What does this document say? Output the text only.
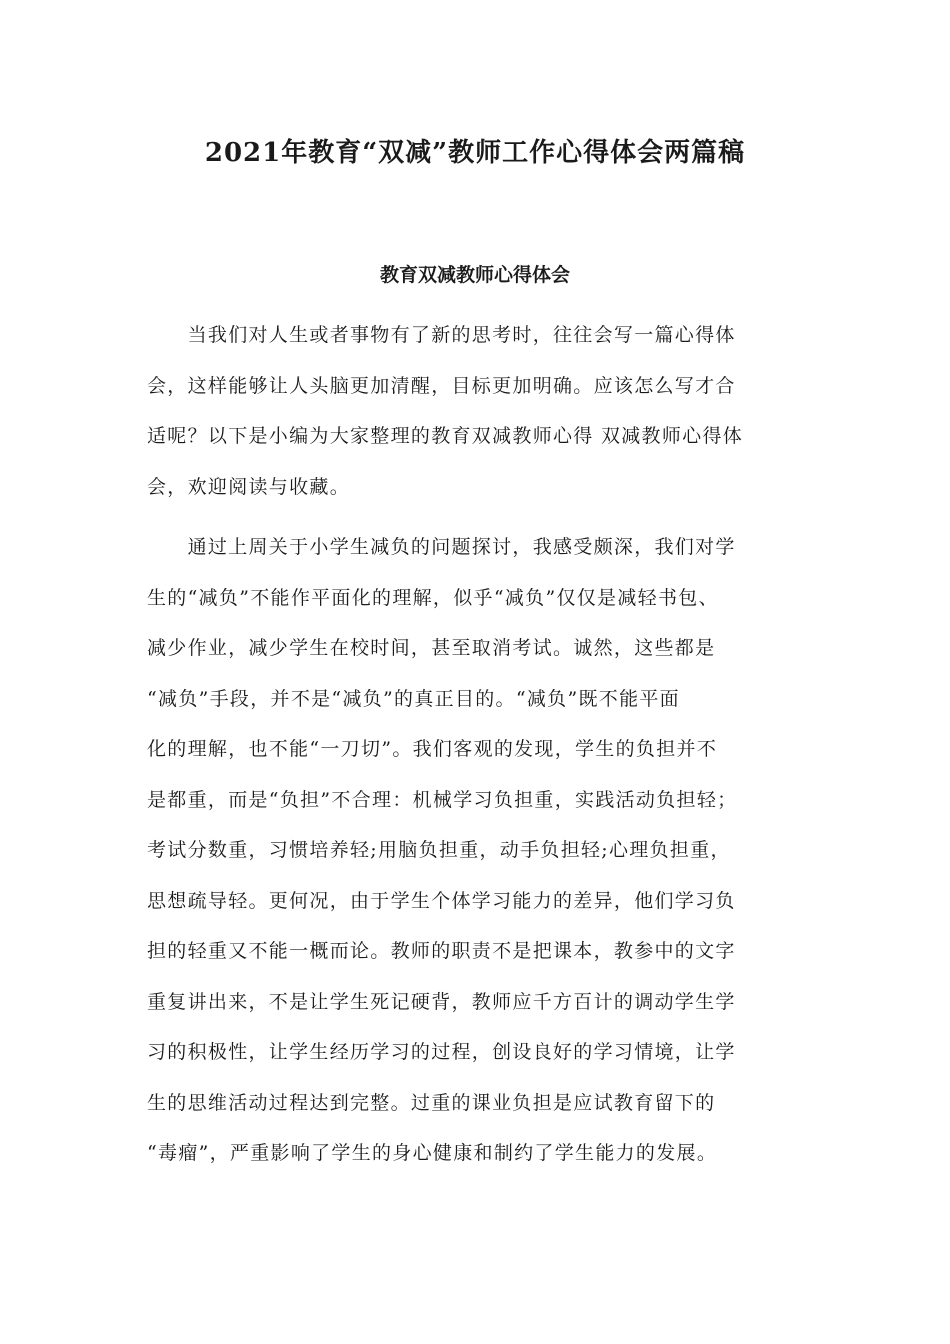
2021年教育“双减”教师工作心得体会两篇稿
教育双减教师心得体会

　　当我们对人生或者事物有了新的思考时，往往会写一篇心得体
会，这样能够让人头脑更加清醒，目标更加明确。应该怎么写才合
适呢？以下是小编为大家整理的教育双减教师心得 双减教师心得体
会，欢迎阅读与收藏。

　　通过上周关于小学生减负的问题探讨，我感受颇深，我们对学
生的“减负”不能作平面化的理解，似乎“减负”仅仅是减轻书包、
减少作业，减少学生在校时间，甚至取消考试。诚然，这些都是
“减负”手段，并不是“减负”的真正目的。“减负”既不能平面
化的理解，也不能“一刀切”。我们客观的发现，学生的负担并不
是都重，而是“负担”不合理：机械学习负担重，实践活动负担轻；
考试分数重，习惯培养轻;用脑负担重，动手负担轻;心理负担重，
思想疏导轻。更何况，由于学生个体学习能力的差异，他们学习负
担的轻重又不能一概而论。教师的职责不是把课本，教参中的文字
重复讲出来，不是让学生死记硬背，教师应千方百计的调动学生学
习的积极性，让学生经历学习的过程，创设良好的学习情境，让学
生的思维活动过程达到完整。过重的课业负担是应试教育留下的
“毒瘤”，严重影响了学生的身心健康和制约了学生能力的发展。
